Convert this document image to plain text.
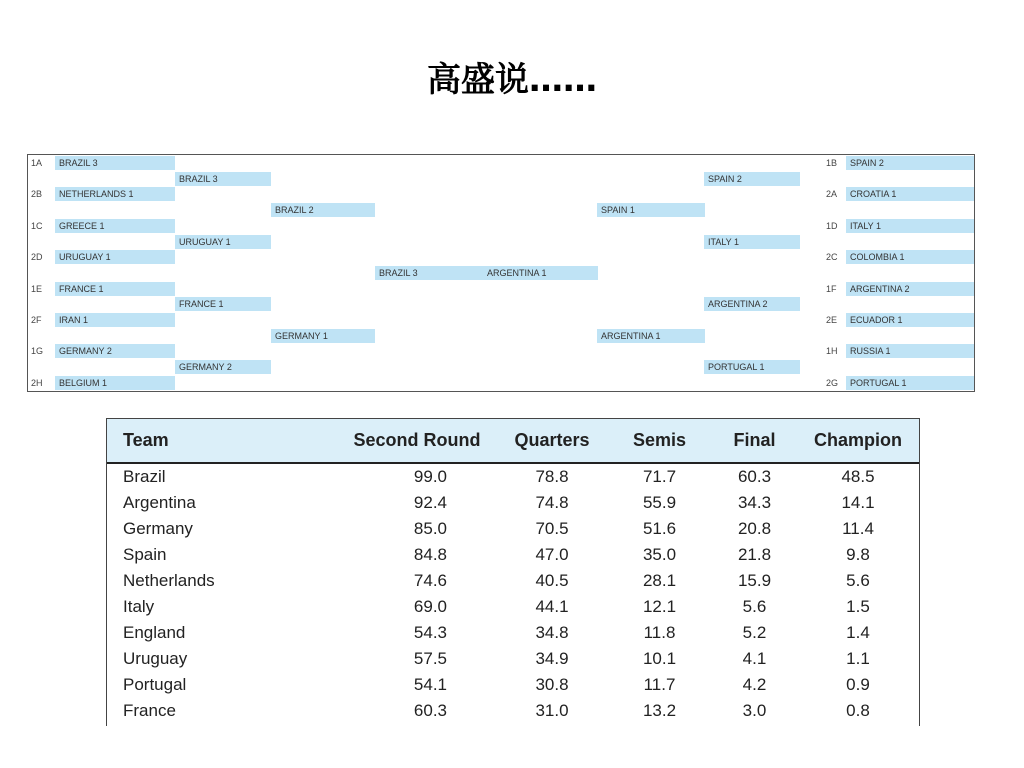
高盛说……
1A	BRAZIL 3	1B	SPAIN 2
2B	NETHERLANDS 1	2A	CROATIA 1
1C	GREECE 1	1D	ITALY 1
2D	URUGUAY 1	2C	COLOMBIA 1
1E	FRANCE 1	1F	ARGENTINA 2
2F	IRAN 1	2E	ECUADOR 1
1G	GERMANY 2	1H	RUSSIA 1
2H	BELGIUM 1	2G	PORTUGAL 1
BRAZIL 3	SPAIN 2
URUGUAY 1	ITALY 1
FRANCE 1	ARGENTINA 2
GERMANY 2	PORTUGAL 1
BRAZIL 2	SPAIN 1
GERMANY 1	ARGENTINA 1
BRAZIL 3	ARGENTINA 1
Team	Second Round	Quarters	Semis	Final	Champion
Brazil	99.0	78.8	71.7	60.3	48.5
Argentina	92.4	74.8	55.9	34.3	14.1
Germany	85.0	70.5	51.6	20.8	11.4
Spain	84.8	47.0	35.0	21.8	9.8
Netherlands	74.6	40.5	28.1	15.9	5.6
Italy	69.0	44.1	12.1	5.6	1.5
England	54.3	34.8	11.8	5.2	1.4
Uruguay	57.5	34.9	10.1	4.1	1.1
Portugal	54.1	30.8	11.7	4.2	0.9
France	60.3	31.0	13.2	3.0	0.8
